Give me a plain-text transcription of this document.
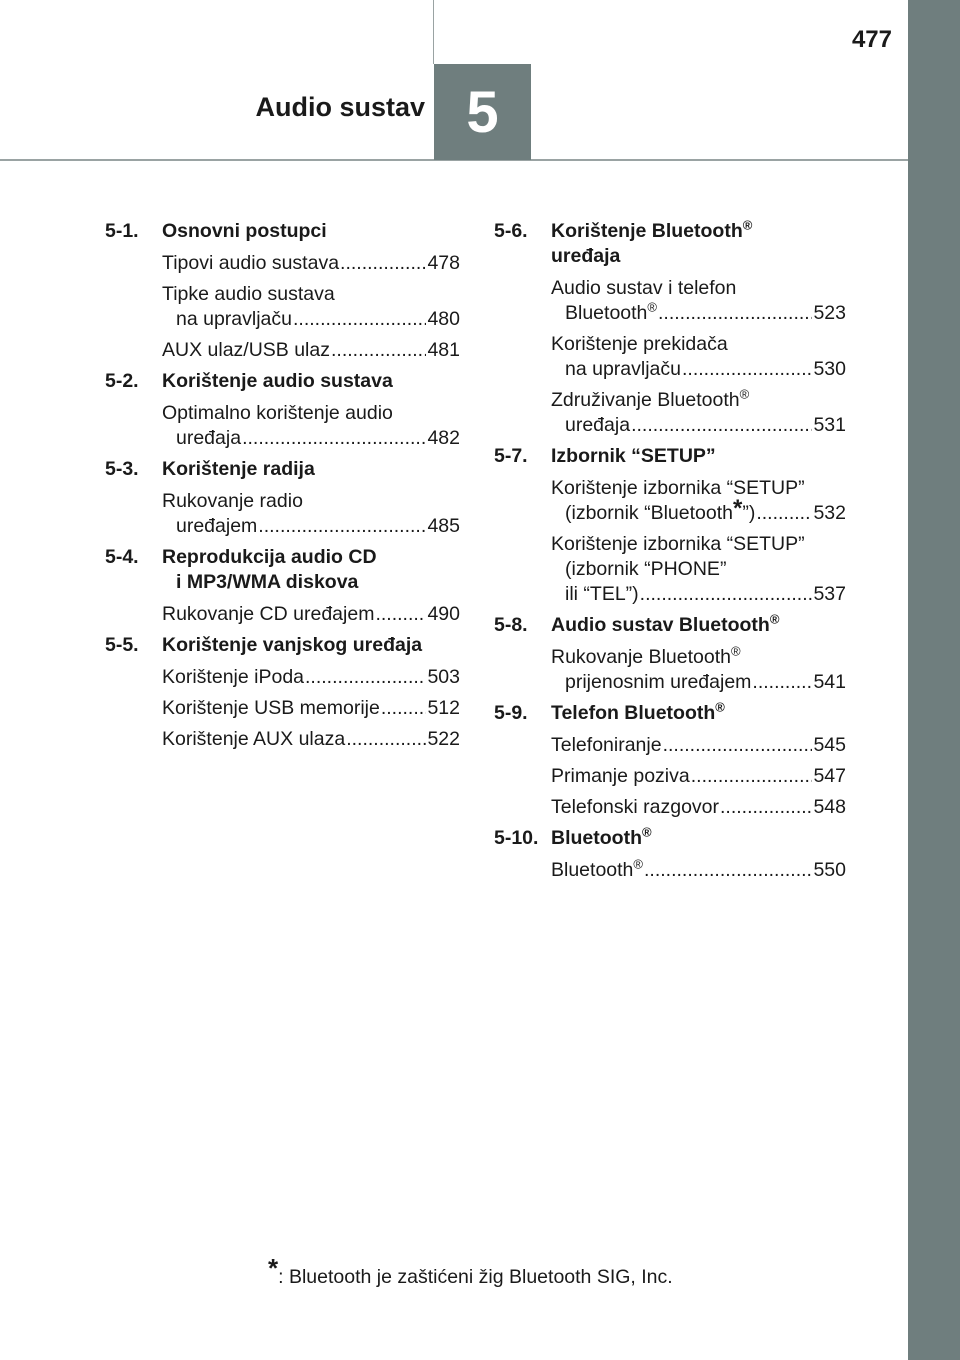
477
Audio sustav 5
5-1. Osnovni postupci
Tipovi audio sustava .....	478
Tipke audio sustava
na upravljaču .....	480
AUX ulaz/USB ulaz .....	481
5-2. Korištenje audio sustava
Optimalno korištenje audio
uređaja .....	482
5-3. Korištenje radija
Rukovanje radio
uređajem .....	485
5-4. Reprodukcija audio CD
i MP3/WMA diskova
Rukovanje CD uređajem .....	490
5-5. Korištenje vanjskog uređaja
Korištenje iPoda .....	503
Korištenje USB memorije ..... 512
Korištenje AUX ulaza .....	522
5-6. Korištenje Bluetooth®
uređaja
Audio sustav i telefon
Bluetooth® .....	523
Korištenje prekidača
na upravljaču .....	530
Združivanje Bluetooth®
uređaja .....	531
5-7. Izbornik “SETUP”
Korištenje izbornika “SETUP”
(izbornik “Bluetooth*”) .....	532
Korištenje izbornika “SETUP”
(izbornik “PHONE”
ili “TEL”) .....	537
5-8. Audio sustav Bluetooth®
Rukovanje Bluetooth®
prijenosnim uređajem .....	541
5-9. Telefon Bluetooth®
Telefoniranje .....	545
Primanje poziva .....	547
Telefonski razgovor .....	548
5-10. Bluetooth®
Bluetooth® .....	550
*: Bluetooth je zaštićeni žig Bluetooth SIG, Inc.
